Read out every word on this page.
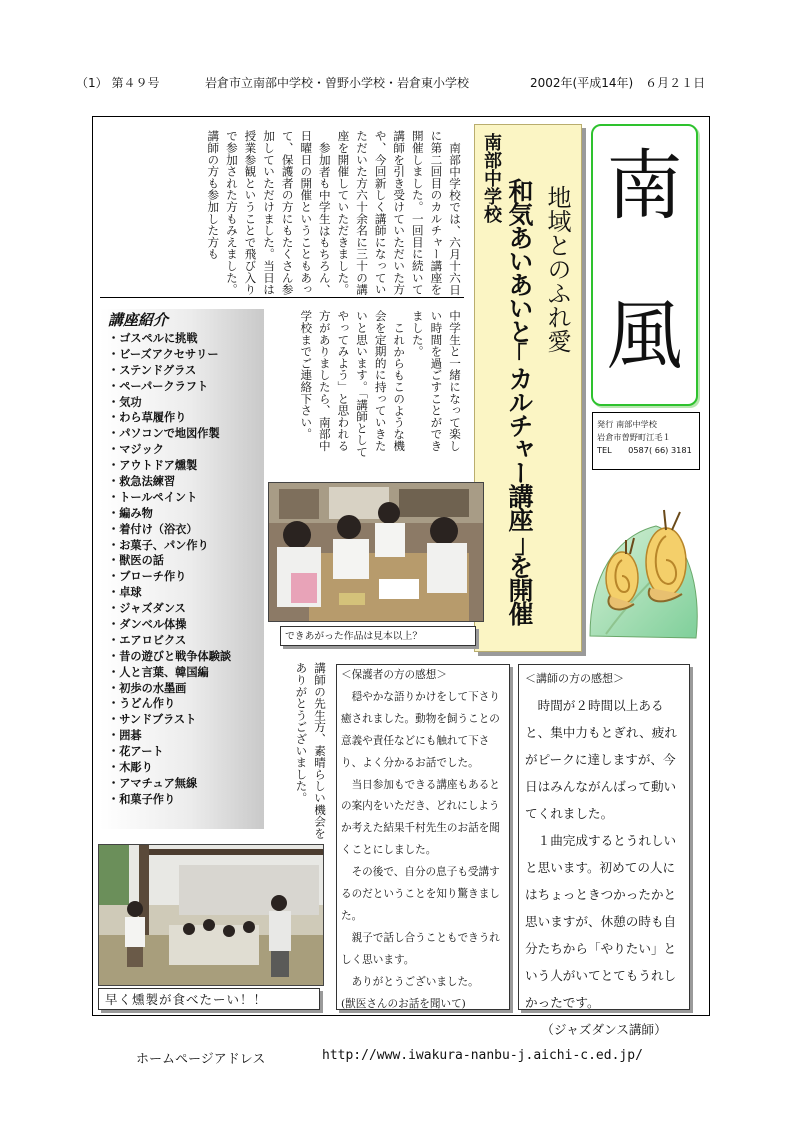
（1） 第４９号	岩倉市立南部中学校・曽野小学校・岩倉東小学校	2002年(平成14年)　６月２１日
南
風
発行 南部中学校
岩倉市曽野町江毛１
TEL　　0587( 66) 3181
南部中学校
地域とのふれ愛
和気あいあいと｢カルチャー講座｣を開催

南部中学校では、六月十六日に第二回目のカルチャー講座を開催しました。一回目に続いて講師を引き受けていただいた方や、今回新しく講師になっていただいた方六十余名に三十の講座を開催していただきました。

参加者も中学生はもちろん、日曜日の開催ということもあって、保護者の方にもたくさん参加していただけました。当日は授業参観ということで飛び入りで参加された方もみえました。講師の方も参加した方も

中学生と一緒になって楽しい時間を過ごすことができました。

これからもこのような機会を定期的に持っていきたいと思います。「講師としてやってみよう」と思われる方がありましたら、南部中学校までご連絡下さい。

講座紹介
・ゴスペルに挑戦
・ビーズアクセサリー
・ステンドグラス
・ペーパークラフト
・気功
・わら草履作り
・パソコンで地図作製
・マジック
・アウトドア燻製
・救急法練習
・トールペイント
・編み物
・着付け（浴衣）
・お菓子、パン作り
・獣医の話
・ブローチ作り
・卓球
・ジャズダンス
・ダンベル体操
・エアロビクス
・昔の遊びと戦争体験談
・人と言葉、韓国編
・初歩の水墨画
・うどん作り
・サンドブラスト
・囲碁
・花アート
・木彫り
・アマチュア無線
・和菓子作り
できあがった作品は見本以上？

講師の先生方、素晴らしい機会をありがとうございました。	＜保護者の方の感想＞

穏やかな語りかけをして下さり癒されました。動物を飼うことの意義や責任などにも触れて下さり、よく分かるお話でした。

当日参加もできる講座もあるとの案内をいただき、どれにしようか考えた結果千村先生のお話を聞くことにしました。

その後で、自分の息子も受講するのだということを知り驚きました。

親子で話し合うこともできうれしく思います。

ありがとうございました。

(獣医さんのお話を聞いて)

＜講師の方の感想＞

時間が２時間以上あると、集中力もとぎれ、疲れがピークに達しますが、今日はみんながんばって動いてくれました。

１曲完成するとうれしいと思います。初めての人にはちょっときつかったかと思いますが、休憩の時も自分たちから「やりたい」という人がいてとてもうれしかったです。

（ジャズダンス講師）

早く燻製が食べたーい！！
ホームページアドレス	http://www.iwakura-nanbu-j.aichi-c.ed.jp/
